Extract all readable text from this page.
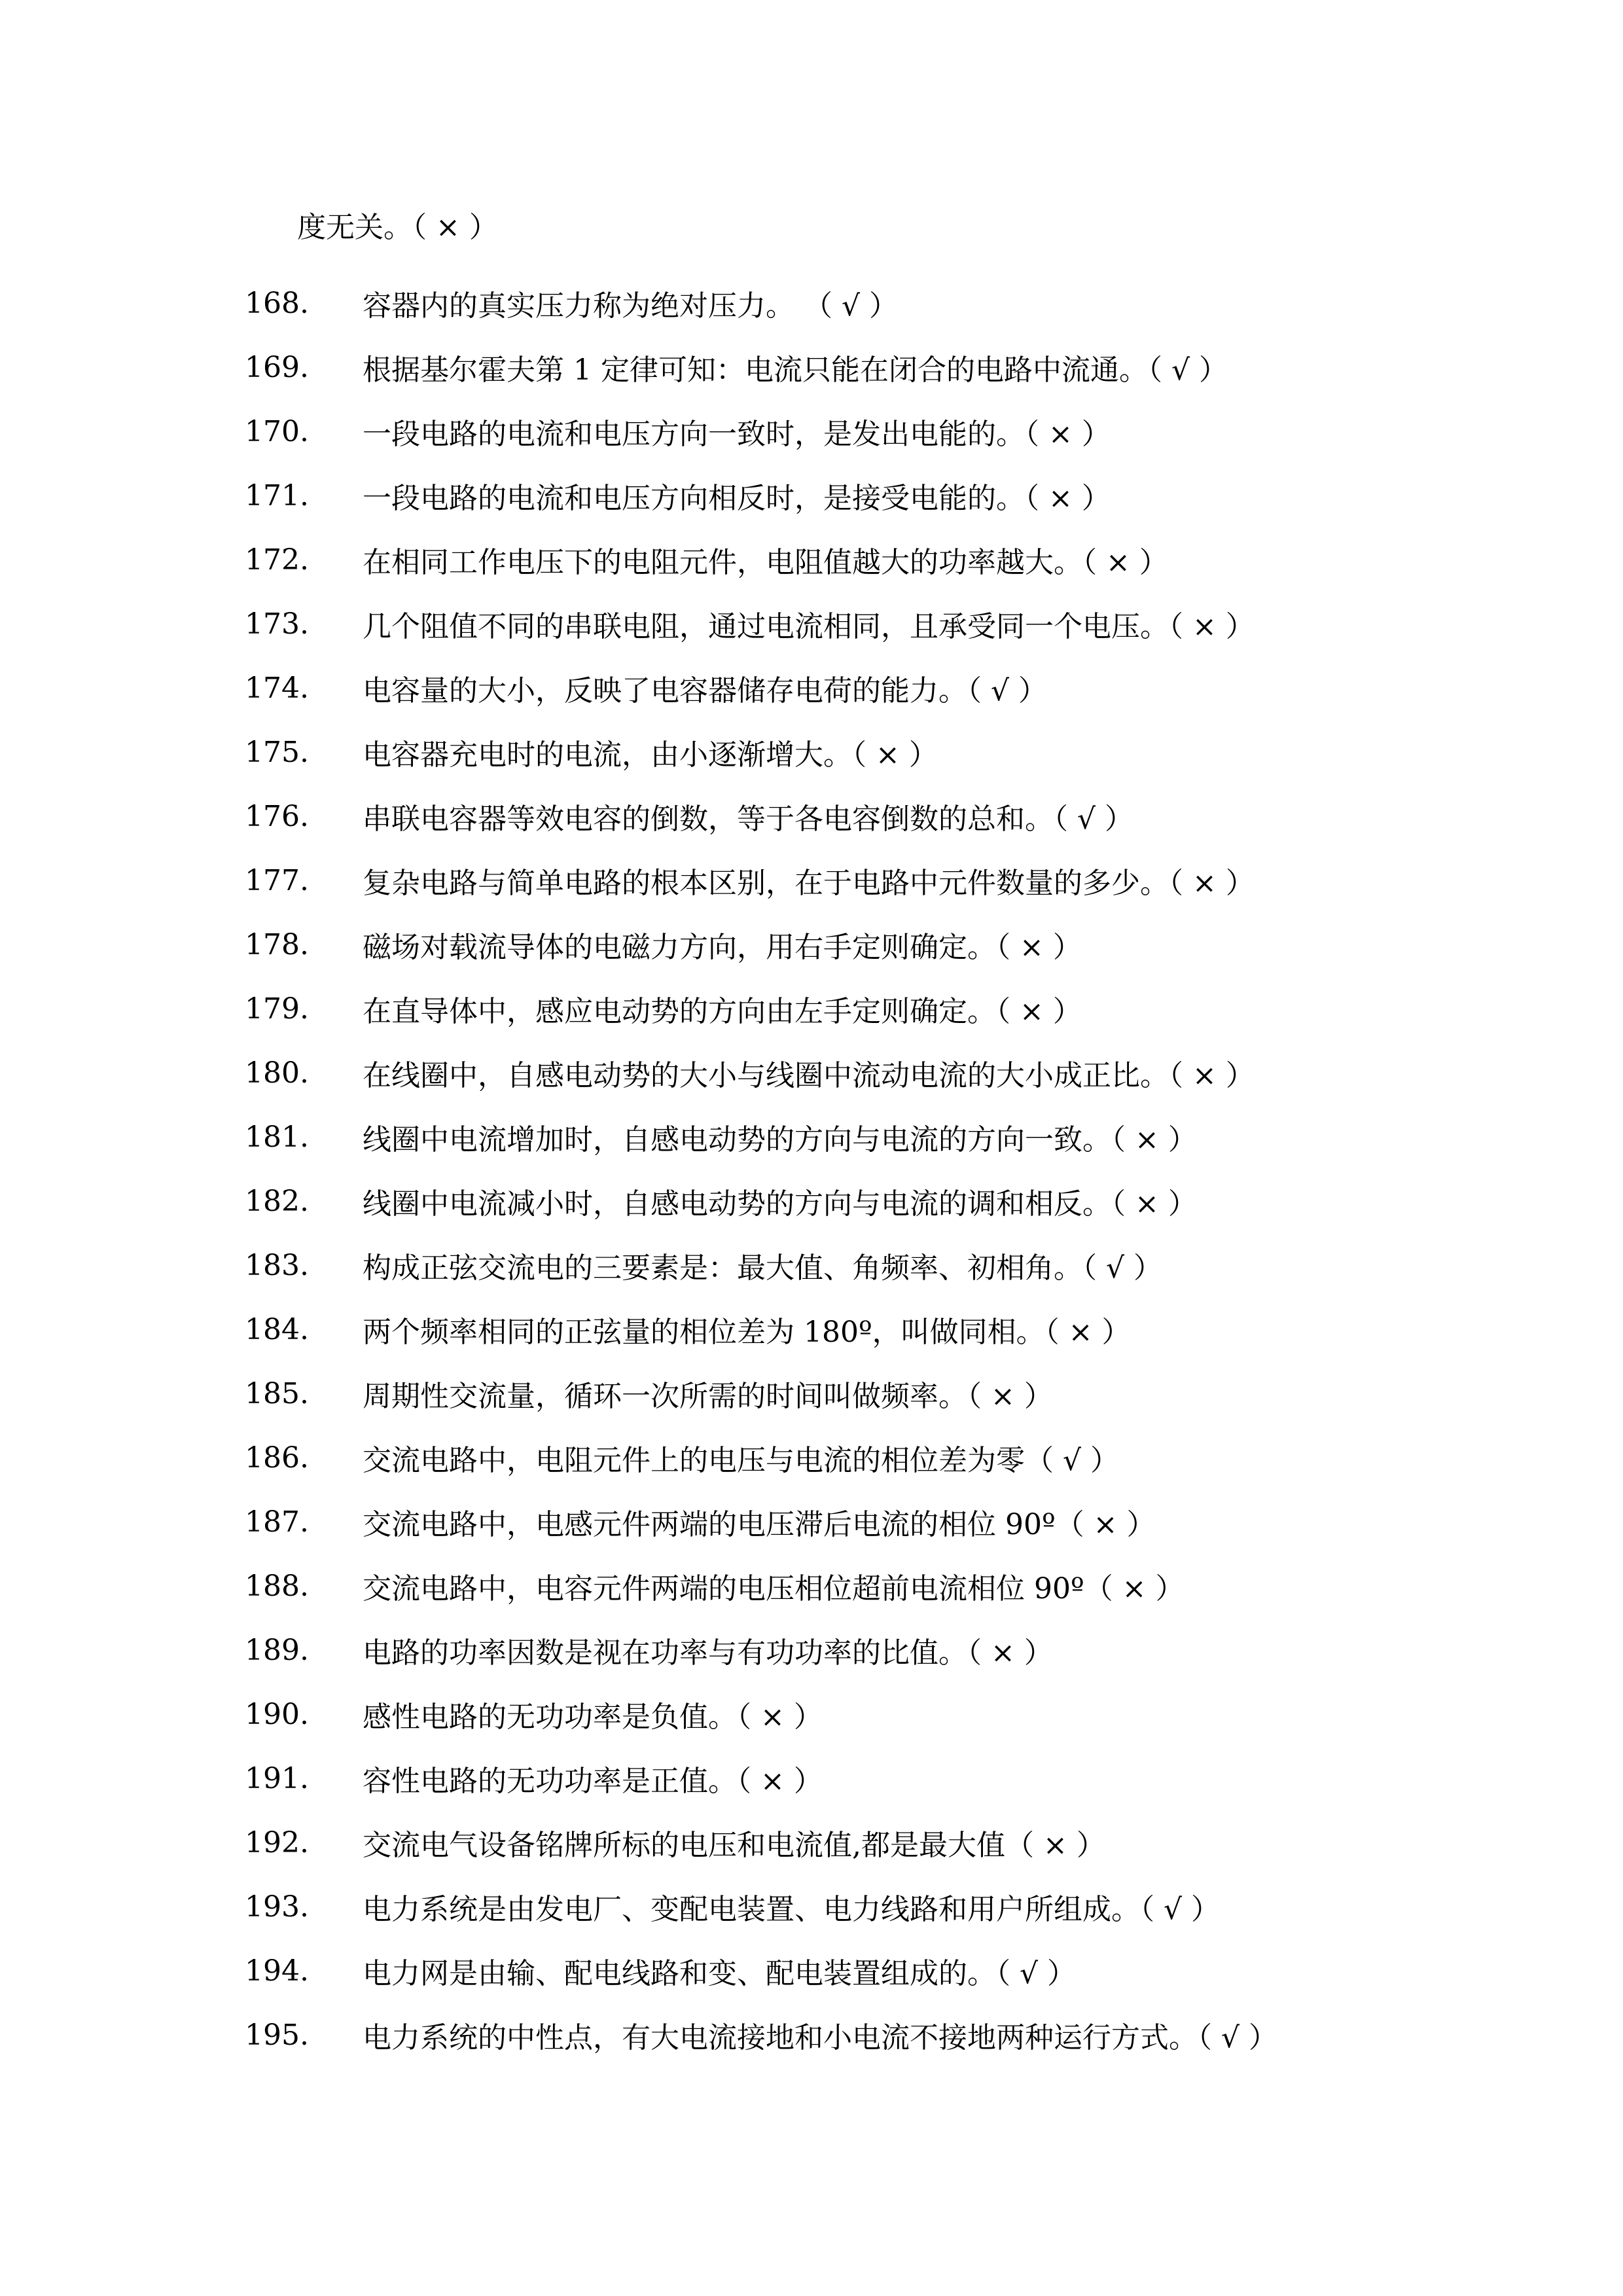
度无关。（ × ）
168.	容器内的真实压力称为绝对压力。 （ √ ）
169.	根据基尔霍夫第 1 定律可知：电流只能在闭合的电路中流通。（ √ ）
170.	一段电路的电流和电压方向一致时，是发出电能的。（ × ）
171.	一段电路的电流和电压方向相反时，是接受电能的。（ × ）
172.	在相同工作电压下的电阻元件，电阻值越大的功率越大。（ × ）
173.	几个阻值不同的串联电阻，通过电流相同，且承受同一个电压。（ × ）
174.	电容量的大小，反映了电容器储存电荷的能力。（ √ ）
175.	电容器充电时的电流，由小逐渐增大。（ × ）
176.	串联电容器等效电容的倒数，等于各电容倒数的总和。（ √ ）
177.	复杂电路与简单电路的根本区别，在于电路中元件数量的多少。（ × ）
178.	磁场对载流导体的电磁力方向，用右手定则确定。（ × ）
179.	在直导体中，感应电动势的方向由左手定则确定。（ × ）
180.	在线圈中，自感电动势的大小与线圈中流动电流的大小成正比。（ × ）
181.	线圈中电流增加时，自感电动势的方向与电流的方向一致。（ × ）
182.	线圈中电流减小时，自感电动势的方向与电流的调和相反。（ × ）
183.	构成正弦交流电的三要素是：最大值、角频率、初相角。（ √ ）
184.	两个频率相同的正弦量的相位差为 180º，叫做同相。（ × ）
185.	周期性交流量，循环一次所需的时间叫做频率。（ × ）
186.	交流电路中，电阻元件上的电压与电流的相位差为零（ √ ）
187.	交流电路中，电感元件两端的电压滞后电流的相位 90º（ × ）
188.	交流电路中，电容元件两端的电压相位超前电流相位 90º（ × ）
189.	电路的功率因数是视在功率与有功功率的比值。（ × ）
190.	感性电路的无功功率是负值。（ × ）
191.	容性电路的无功功率是正值。（ × ）
192.	交流电气设备铭牌所标的电压和电流值,都是最大值（ × ）
193.	电力系统是由发电厂、变配电装置、电力线路和用户所组成。（ √ ）
194.	电力网是由输、配电线路和变、配电装置组成的。（ √ ）
195.	电力系统的中性点，有大电流接地和小电流不接地两种运行方式。（ √ ）
